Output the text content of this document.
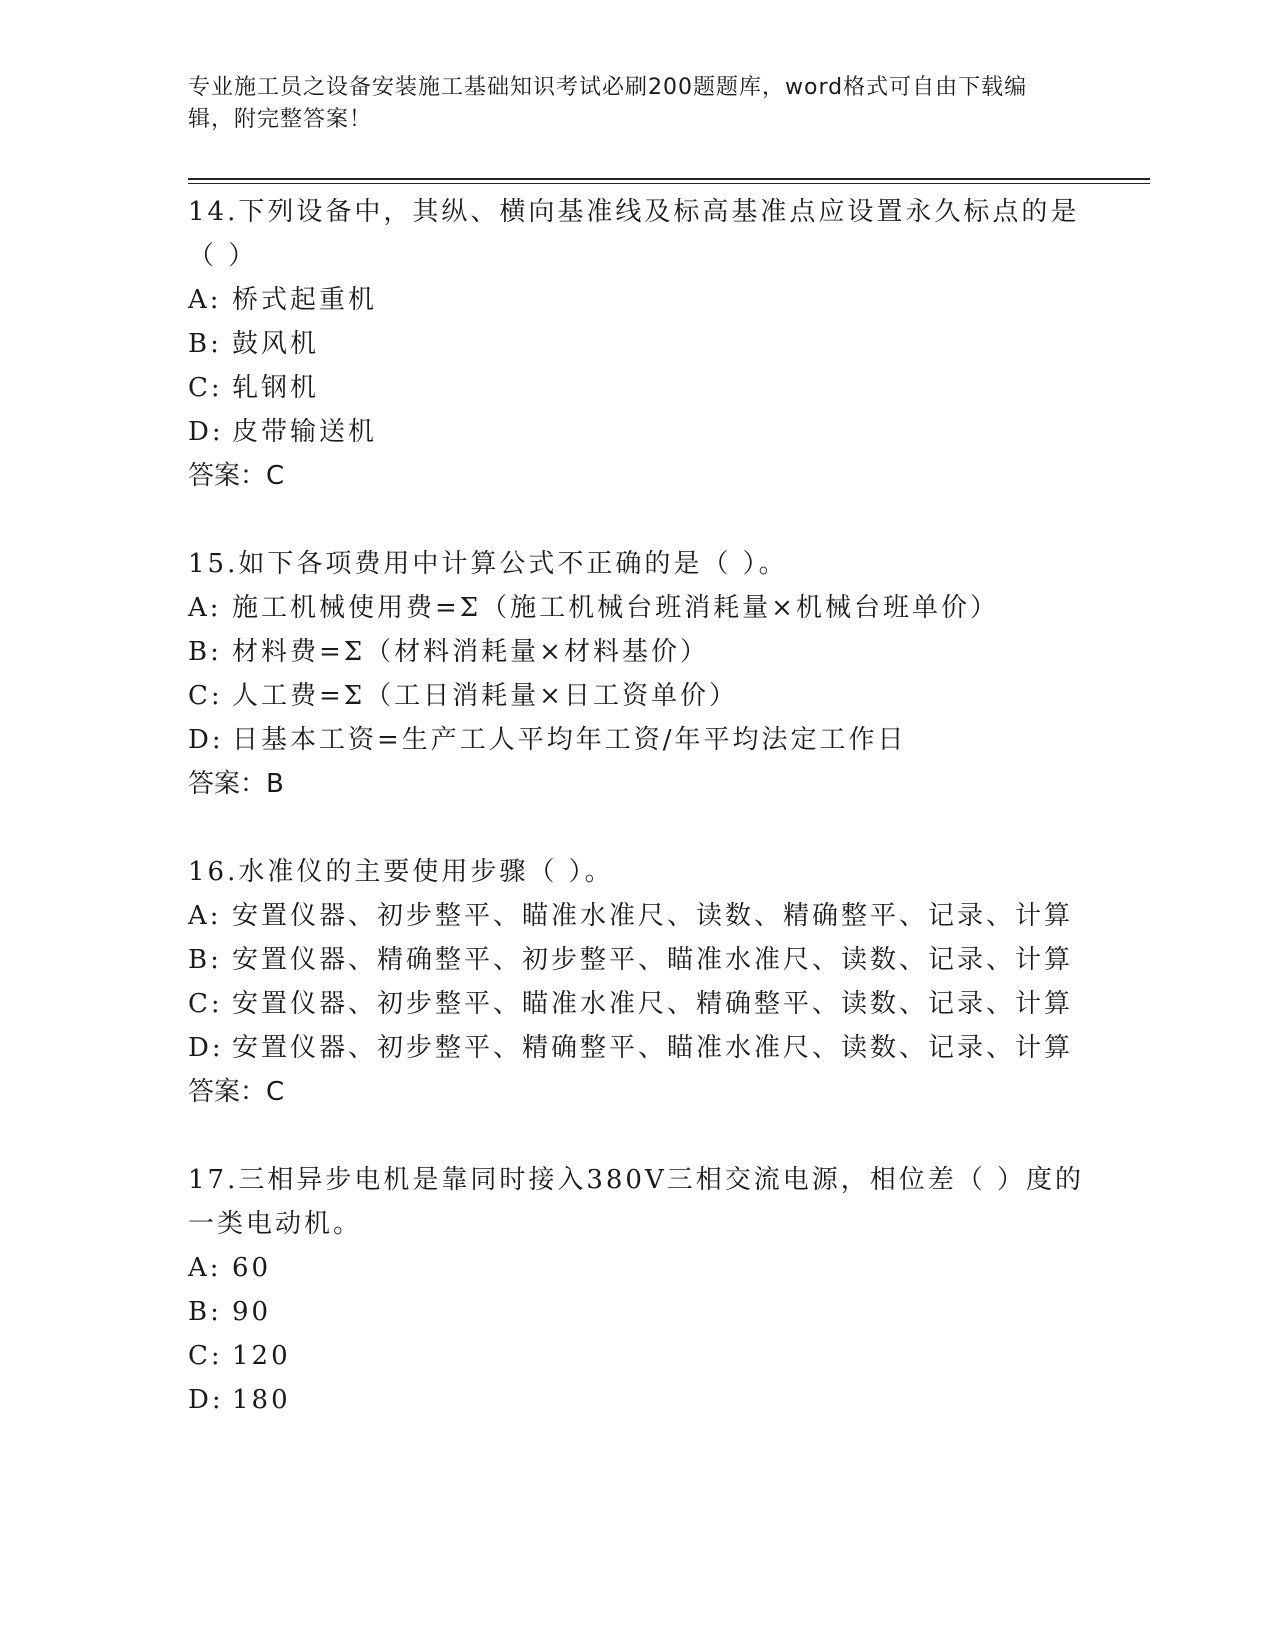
专业施工员之设备安装施工基础知识考试必刷200题题库，word格式可自由下载编辑，附完整答案！

14.下列设备中，其纵、横向基准线及标高基准点应设置永久标点的是（ ）

A: 桥式起重机

B: 鼓风机

C: 轧钢机

D: 皮带输送机

答案：C

15.如下各项费用中计算公式不正确的是（ ）。

A: 施工机械使用费=Σ（施工机械台班消耗量×机械台班单价）

B: 材料费=Σ（材料消耗量×材料基价）

C: 人工费=Σ（工日消耗量×日工资单价）

D: 日基本工资=生产工人平均年工资/年平均法定工作日

答案：B

16.水准仪的主要使用步骤（ ）。

A: 安置仪器、初步整平、瞄准水准尺、读数、精确整平、记录、计算

B: 安置仪器、精确整平、初步整平、瞄准水准尺、读数、记录、计算

C: 安置仪器、初步整平、瞄准水准尺、精确整平、读数、记录、计算

D: 安置仪器、初步整平、精确整平、瞄准水准尺、读数、记录、计算

答案：C

17.三相异步电机是靠同时接入380V三相交流电源，相位差（ ）度的一类电动机。

A: 60

B: 90

C: 120

D: 180
